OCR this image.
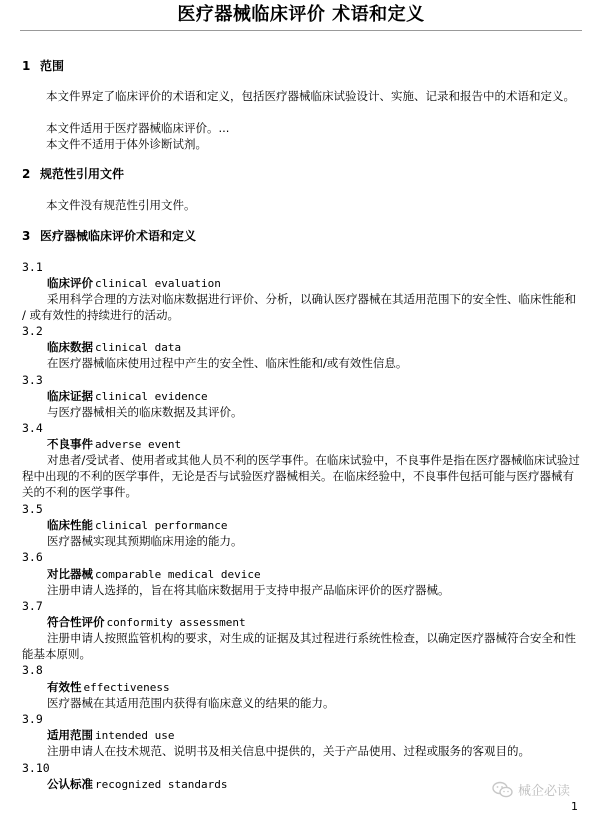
医疗器械临床评价 术语和定义
1 范围
本文件界定了临床评价的术语和定义，包括医疗器械临床试验设计、实施、记录和报告中的术语和定义。
本文件适用于医疗器械临床评价。...
本文件不适用于体外诊断试剂。
2 规范性引用文件
本文件没有规范性引用文件。
3 医疗器械临床评价术语和定义
3.1
临床评价 clinical evaluation
采用科学合理的方法对临床数据进行评价、分析，以确认医疗器械在其适用范围下的安全性、临床性能和 / 或有效性的持续进行的活动。
3.2
临床数据 clinical data
在医疗器械临床使用过程中产生的安全性、临床性能和/或有效性信息。
3.3
临床证据 clinical evidence
与医疗器械相关的临床数据及其评价。
3.4
不良事件 adverse event
对患者/受试者、使用者或其他人员不利的医学事件。在临床试验中，不良事件是指在医疗器械临床试验过程中出现的不利的医学事件，无论是否与试验医疗器械相关。在临床经验中，不良事件包括可能与医疗器械有关的不利的医学事件。
3.5
临床性能 clinical performance
医疗器械实现其预期临床用途的能力。
3.6
对比器械 comparable medical device
注册申请人选择的，旨在将其临床数据用于支持申报产品临床评价的医疗器械。
3.7
符合性评价 conformity assessment
注册申请人按照监管机构的要求，对生成的证据及其过程进行系统性检查，以确定医疗器械符合安全和性能基本原则。
3.8
有效性 effectiveness
医疗器械在其适用范围内获得有临床意义的结果的能力。
3.9
适用范围 intended use
注册申请人在技术规范、说明书及相关信息中提供的，关于产品使用、过程或服务的客观目的。
3.10
公认标准 recognized standards	械企必读
1
